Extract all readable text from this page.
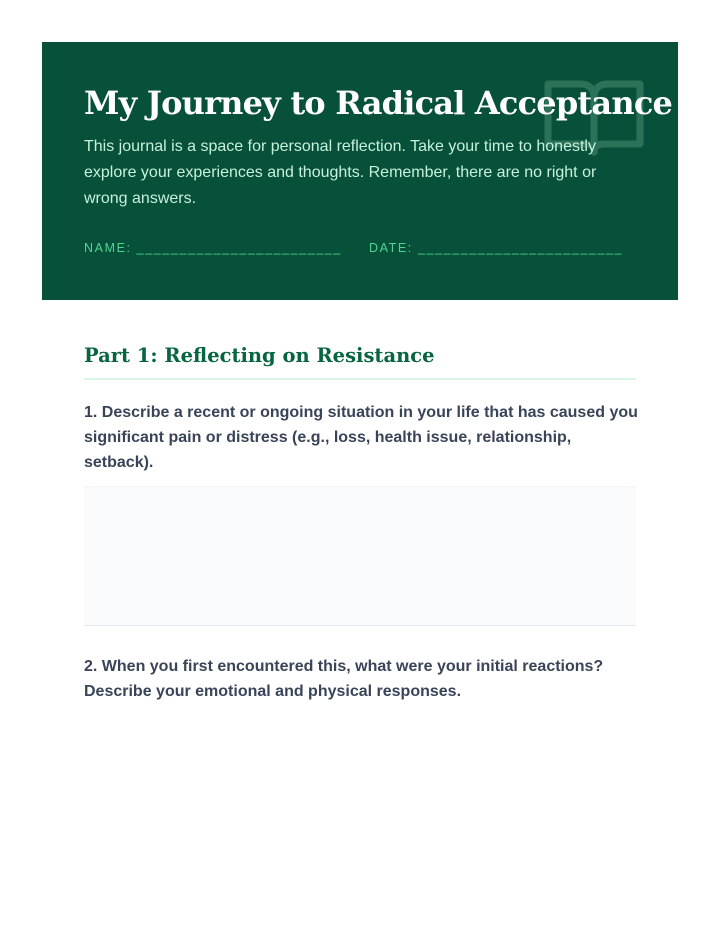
My Journey to Radical Acceptance

This journal is a space for personal reflection. Take your time to honestly explore your experiences and thoughts. Remember, there are no right or wrong answers.

NAME: ________________________ DATE: ________________________
Part 1: Reflecting on Resistance

1. Describe a recent or ongoing situation in your life that has caused you significant pain or distress (e.g., loss, health issue, relationship, setback).

2. When you first encountered this, what were your initial reactions? Describe your emotional and physical responses.
